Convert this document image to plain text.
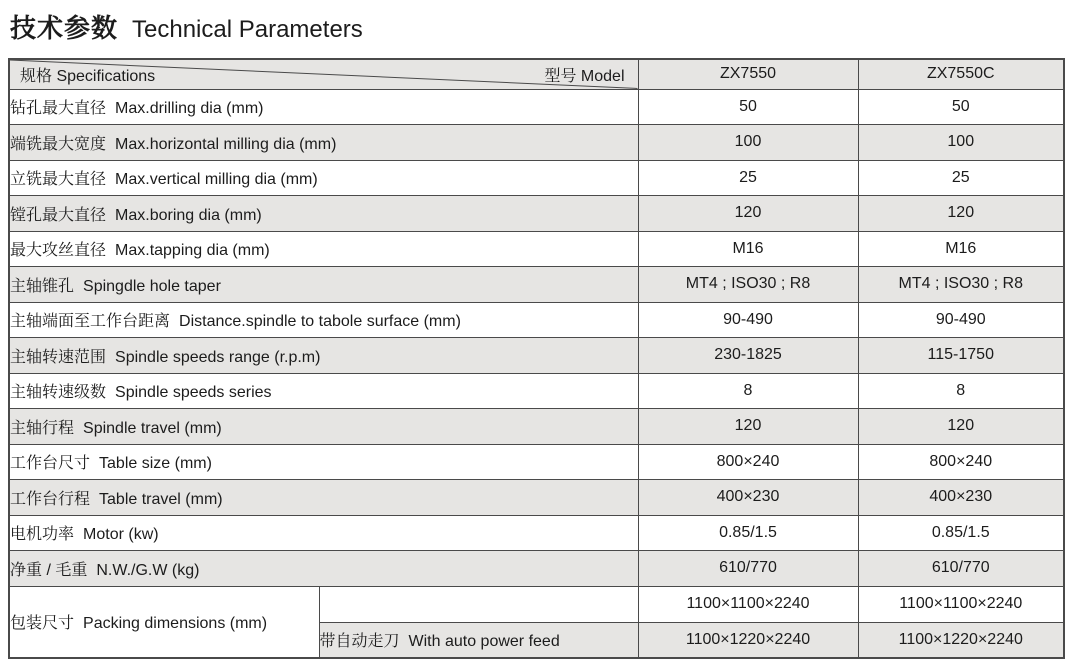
技术参数 Technical Parameters
规格 Specifications 型号 Model		ZX7550	ZX7550C
钻孔最大直径 Max.drilling dia (mm)		50	50
端铣最大宽度 Max.horizontal milling dia (mm)		100	100
立铣最大直径 Max.vertical milling dia (mm)		25	25
镗孔最大直径 Max.boring dia (mm)		120	120
最大攻丝直径 Max.tapping dia (mm)		M16	M16
主轴锥孔 Spingdle hole taper		MT4 ; ISO30 ; R8	MT4 ; ISO30 ; R8
主轴端面至工作台距离 Distance.spindle to tabole surface (mm)		90-490	90-490
主轴转速范围 Spindle speeds range (r.p.m)		230-1825	115-1750
主轴转速级数 Spindle speeds series		8	8
主轴行程 Spindle travel (mm)		120	120
工作台尺寸 Table size (mm)		800×240	800×240
工作台行程 Table travel (mm)		400×230	400×230
电机功率 Motor (kw)		0.85/1.5	0.85/1.5
净重 / 毛重 N.W./G.W (kg)		610/770	610/770
包装尺寸 Packing dimensions (mm)		1100×1100×2240	1100×1100×2240
	带自动走刀 With auto power feed	1100×1220×2240	1100×1220×2240
